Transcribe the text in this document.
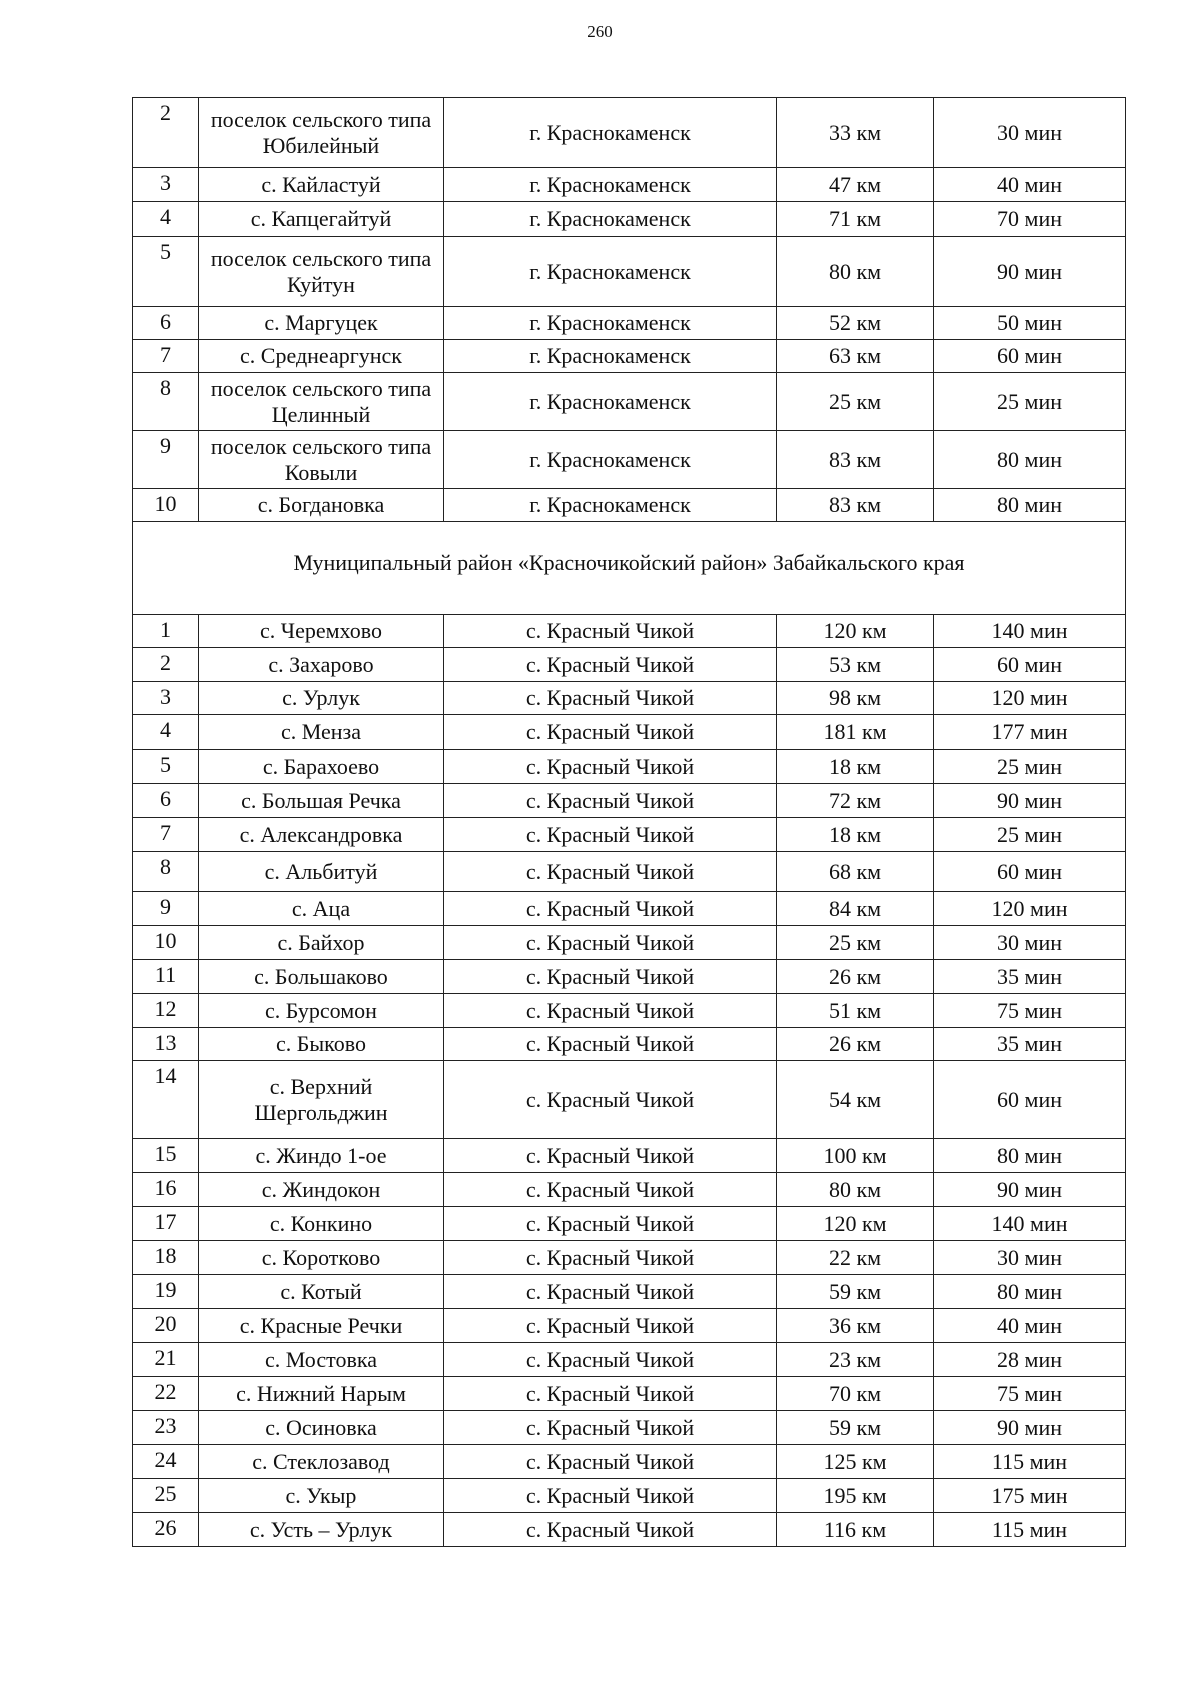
260
2	поселок сельского типа Юбилейный	г. Краснокаменск	33 км	30 мин
3	с. Кайластуй	г. Краснокаменск	47 км	40 мин
4	с. Капцегайтуй	г. Краснокаменск	71 км	70 мин
5	поселок сельского типа Куйтун	г. Краснокаменск	80 км	90 мин
6	с. Маргуцек	г. Краснокаменск	52 км	50 мин
7	с. Среднеаргунск	г. Краснокаменск	63 км	60 мин
8	поселок сельского типа Целинный	г. Краснокаменск	25 км	25 мин
9	поселок сельского типа Ковыли	г. Краснокаменск	83 км	80 мин
10	с. Богдановка	г. Краснокаменск	83 км	80 мин
Муниципальный район «Красночикойский район» Забайкальского края				
1	с. Черемхово	с. Красный Чикой	120 км	140 мин
2	с. Захарово	с. Красный Чикой	53 км	60 мин
3	с. Урлук	с. Красный Чикой	98 км	120 мин
4	с. Менза	с. Красный Чикой	181 км	177 мин
5	с. Барахоево	с. Красный Чикой	18 км	25 мин
6	с. Большая Речка	с. Красный Чикой	72 км	90 мин
7	с. Александровка	с. Красный Чикой	18 км	25 мин
8	с. Альбитуй	с. Красный Чикой	68 км	60 мин
9	с. Аца	с. Красный Чикой	84 км	120 мин
10	с. Байхор	с. Красный Чикой	25 км	30 мин
11	с. Большаково	с. Красный Чикой	26 км	35 мин
12	с. Бурсомон	с. Красный Чикой	51 км	75 мин
13	с. Быково	с. Красный Чикой	26 км	35 мин
14	с. Верхний Шергольджин	с. Красный Чикой	54 км	60 мин
15	с. Жиндо 1-ое	с. Красный Чикой	100 км	80 мин
16	с. Жиндокон	с. Красный Чикой	80 км	90 мин
17	с. Конкино	с. Красный Чикой	120 км	140 мин
18	с. Коротково	с. Красный Чикой	22 км	30 мин
19	с. Котый	с. Красный Чикой	59 км	80 мин
20	с. Красные Речки	с. Красный Чикой	36 км	40 мин
21	с. Мостовка	с. Красный Чикой	23 км	28 мин
22	с. Нижний Нарым	с. Красный Чикой	70 км	75 мин
23	с. Осиновка	с. Красный Чикой	59 км	90 мин
24	с. Стеклозавод	с. Красный Чикой	125 км	115 мин
25	с. Укыр	с. Красный Чикой	195 км	175 мин
26	с. Усть – Урлук	с. Красный Чикой	116 км	115 мин
